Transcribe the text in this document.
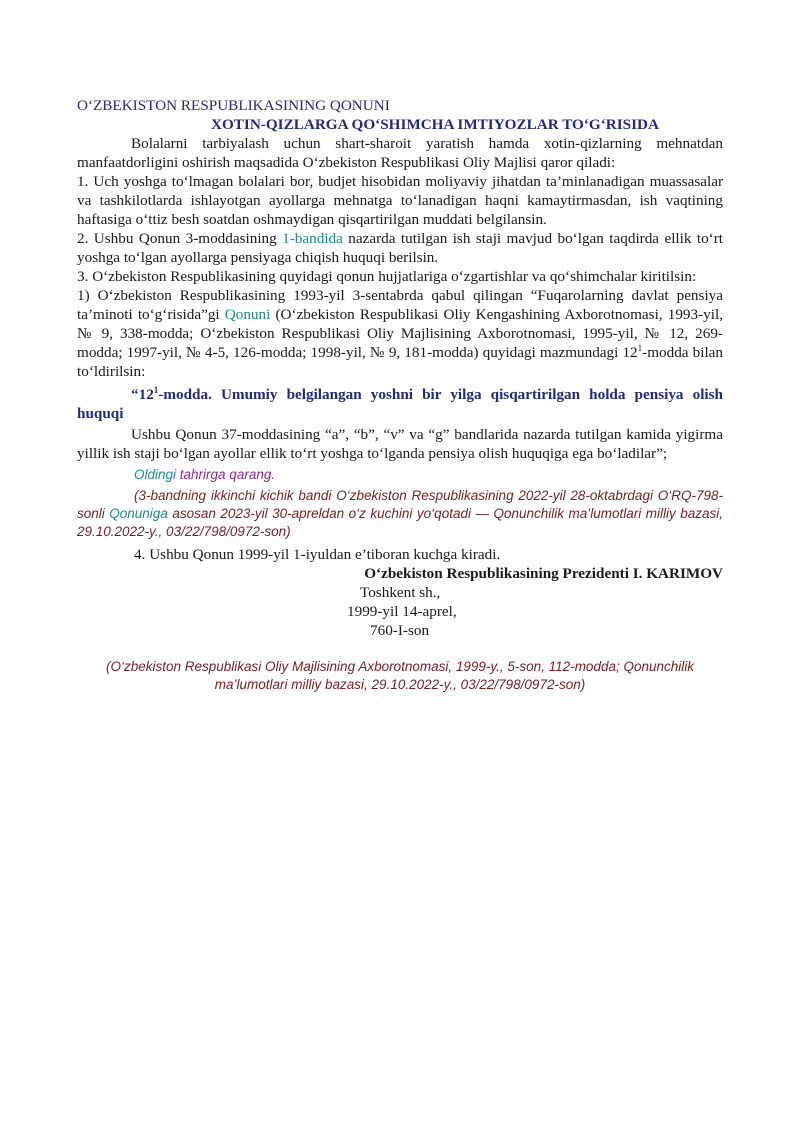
O‘ZBEKISTON RESPUBLIKASINING QONUNI

XOTIN-QIZLARGA QO‘SHIMCHA IMTIYOZLAR TO‘G‘RISIDA

Bolalarni tarbiyalash uchun shart-sharoit yaratish hamda xotin-qizlarning mehnatdan manfaatdorligini oshirish maqsadida O‘zbekiston Respublikasi Oliy Majlisi qaror qiladi:

1. Uch yoshga to‘lmagan bolalari bor, budjet hisobidan moliyaviy jihatdan ta’minlanadigan muassasalar va tashkilotlarda ishlayotgan ayollarga mehnatga to‘lanadigan haqni kamaytirmasdan, ish vaqtining haftasiga o‘ttiz besh soatdan oshmaydigan qisqartirilgan muddati belgilansin.

2. Ushbu Qonun 3-moddasining 1-bandida nazarda tutilgan ish staji mavjud bo‘lgan taqdirda ellik to‘rt yoshga to‘lgan ayollarga pensiyaga chiqish huquqi berilsin.

3. O‘zbekiston Respublikasining quyidagi qonun hujjatlariga o‘zgartishlar va qo‘shimchalar kiritilsin:

1) O‘zbekiston Respublikasining 1993-yil 3-sentabrda qabul qilingan “Fuqarolarning davlat pensiya ta’minoti to‘g‘risida”gi Qonuni (O‘zbekiston Respublikasi Oliy Kengashining Axborotnomasi, 1993-yil, № 9, 338-modda; O‘zbekiston Respublikasi Oliy Majlisining Axborotnomasi, 1995-yil, № 12, 269-modda; 1997-yil, № 4-5, 126-modda; 1998-yil, № 9, 181-modda) quyidagi mazmundagi $12^1$-modda bilan to‘ldirilsin:

“$12^1$-modda. Umumiy belgilangan yoshni bir yilga qisqartirilgan holda pensiya olish huquqi

Ushbu Qonun 37-moddasining “a”, “b”, “v” va “g” bandlarida nazarda tutilgan kamida yigirma yillik ish staji bo‘lgan ayollar ellik to‘rt yoshga to‘lganda pensiya olish huquqiga ega bo‘ladilar”;

Oldingi tahrirga qarang.

(3-bandning ikkinchi kichik bandi O‘zbekiston Respublikasining 2022-yil 28-oktabrdagi O‘RQ-798-sonli Qonuniga asosan 2023-yil 30-apreldan o‘z kuchini yo‘qotadi — Qonunchilik ma’lumotlari milliy bazasi, 29.10.2022-y., 03/22/798/0972-son)

4. Ushbu Qonun 1999-yil 1-iyuldan e’tiboran kuchga kiradi.

O‘zbekiston Respublikasining Prezidenti I. KARIMOV

Toshkent sh.,

1999-yil 14-aprel,

760-I-son

(O‘zbekiston Respublikasi Oliy Majlisining Axborotnomasi, 1999-y., 5-son, 112-modda; Qonunchilik ma’lumotlari milliy bazasi, 29.10.2022-y., 03/22/798/0972-son)
